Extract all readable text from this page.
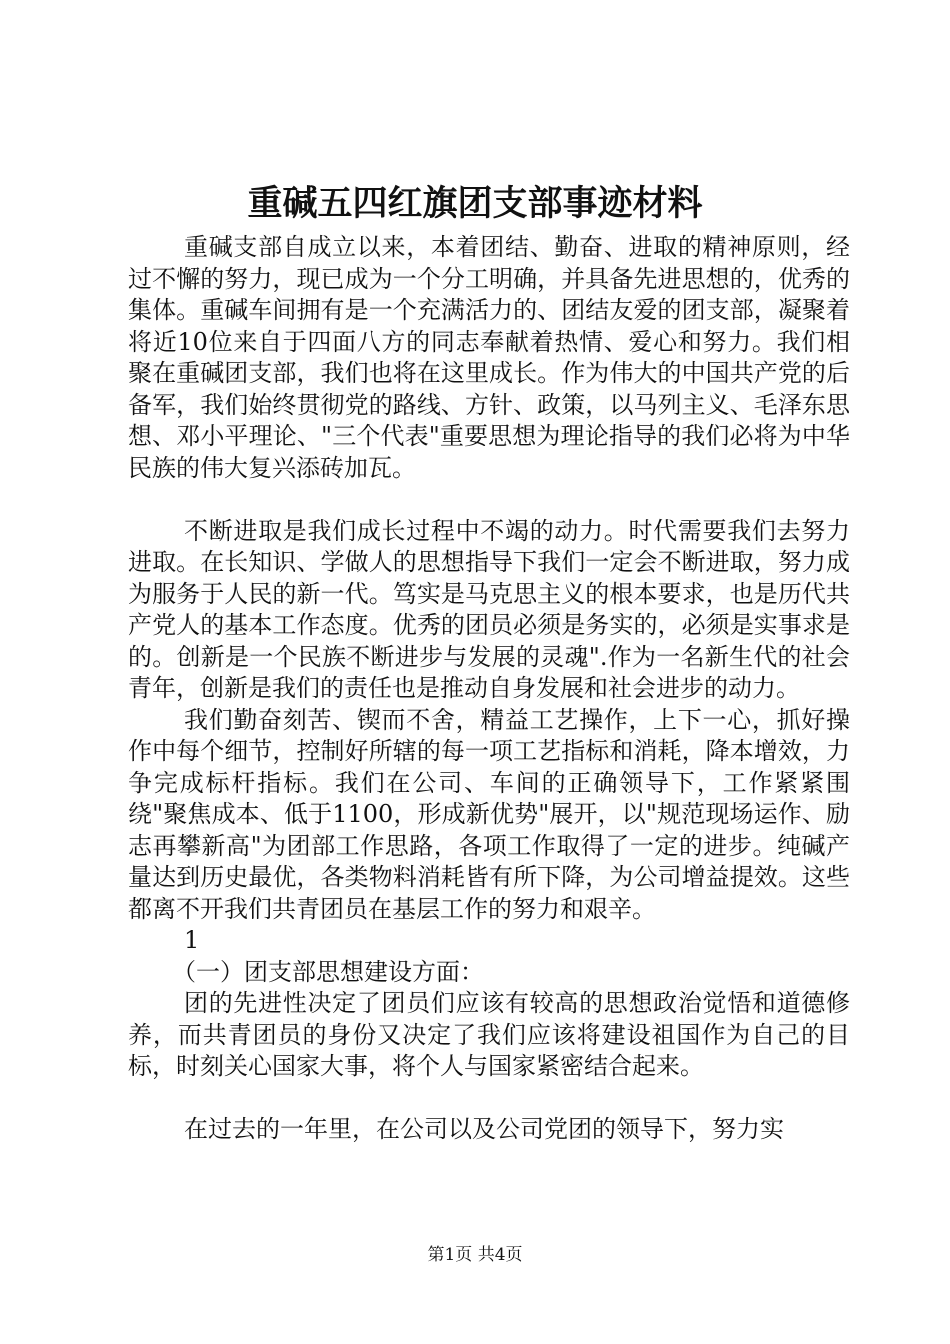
重碱五四红旗团支部事迹材料

重碱支部自成立以来，本着团结、勤奋、进取的精神原则，经过不懈的努力，现已成为一个分工明确，并具备先进思想的，优秀的集体。重碱车间拥有是一个充满活力的、团结友爱的团支部，凝聚着将近10位来自于四面八方的同志奉献着热情、爱心和努力。我们相聚在重碱团支部，我们也将在这里成长。作为伟大的中国共产党的后备军，我们始终贯彻党的路线、方针、政策，以马列主义、毛泽东思想、邓小平理论、"三个代表"重要思想为理论指导的我们必将为中华民族的伟大复兴添砖加瓦。

不断进取是我们成长过程中不竭的动力。时代需要我们去努力进取。在长知识、学做人的思想指导下我们一定会不断进取，努力成为服务于人民的新一代。笃实是马克思主义的根本要求，也是历代共产党人的基本工作态度。优秀的团员必须是务实的，必须是实事求是的。创新是一个民族不断进步与发展的灵魂".作为一名新生代的社会青年，创新是我们的责任也是推动自身发展和社会进步的动力。

我们勤奋刻苦、锲而不舍，精益工艺操作，上下一心，抓好操作中每个细节，控制好所辖的每一项工艺指标和消耗，降本增效，力争完成标杆指标。我们在公司、车间的正确领导下，工作紧紧围绕"聚焦成本、低于1100，形成新优势"展开，以"规范现场运作、励志再攀新高"为团部工作思路，各项工作取得了一定的进步。纯碱产量达到历史最优，各类物料消耗皆有所下降，为公司增益提效。这些都离不开我们共青团员在基层工作的努力和艰辛。

1

（一）团支部思想建设方面：

团的先进性决定了团员们应该有较高的思想政治觉悟和道德修养，而共青团员的身份又决定了我们应该将建设祖国作为自己的目标，时刻关心国家大事，将个人与国家紧密结合起来。

在过去的一年里，在公司以及公司党团的领导下，努力实

第1页 共4页
